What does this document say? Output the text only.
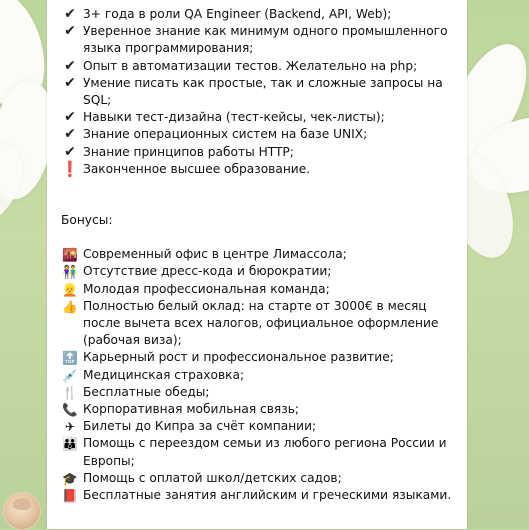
✔ 3+ года в роли QA Engineer (Backend, API, Web);
✔ Уверенное знание как минимум одного промышленного языка программирования;
✔ Опыт в автоматизации тестов. Желательно на php;
✔ Умение писать как простые, так и сложные запросы на SQL;
✔ Навыки тест-дизайна (тест-кейсы, чек-листы);
✔ Знание операционных систем на базе UNIX;
✔ Знание принципов работы HTTP;
❗ Законченное высшее образование.
Бонусы:
🌇 Современный офис в центре Лимассола;
👫 Отсутствие дресс-кода и бюрократии;
👱 Молодая профессиональная команда;
👍 Полностью белый оклад: на старте от 3000€ в месяц после вычета всех налогов, официальное оформление (рабочая виза);
🔝 Карьерный рост и профессиональное развитие;
💉 Медицинская страховка;
🍴 Бесплатные обеды;
📞 Корпоративная мобильная связь;
✈ Билеты до Кипра за счёт компании;
👪 Помощь с переездом семьи из любого региона России и Европы;
🎓 Помощь с оплатой школ/детских садов;
📕 Бесплатные занятия английским и греческими языками.
